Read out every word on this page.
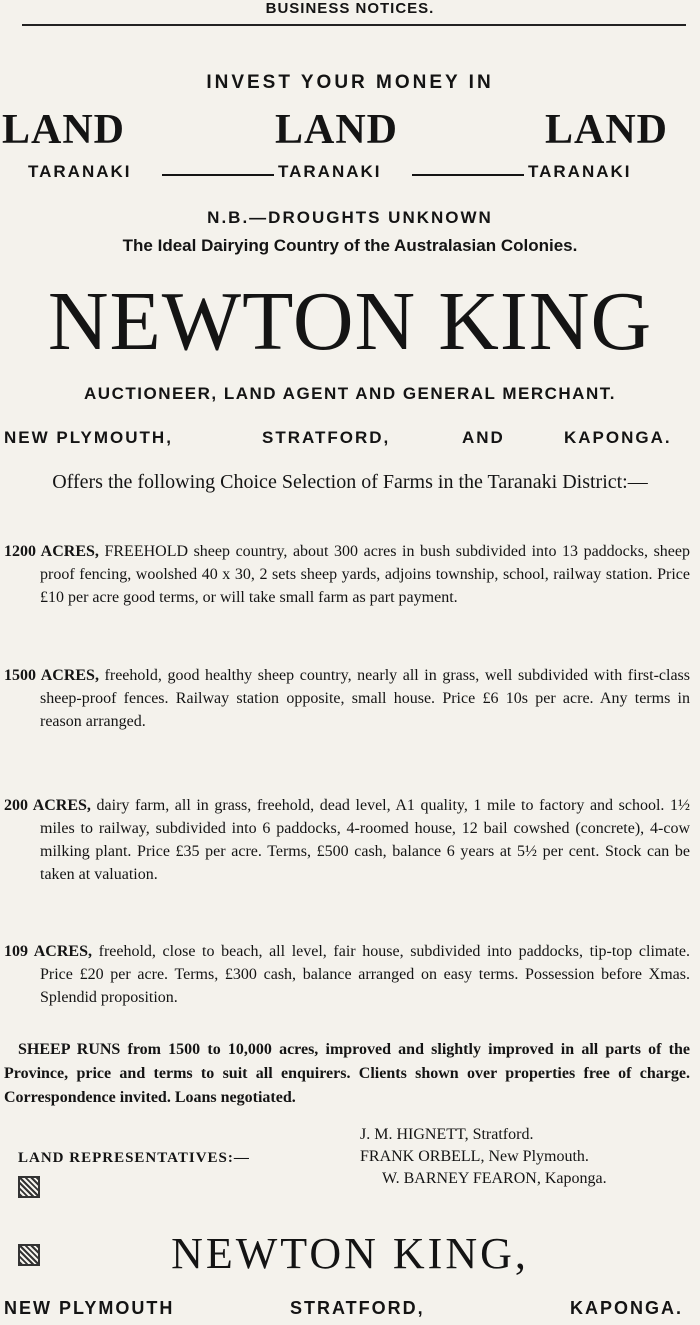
BUSINESS NOTICES.
INVEST YOUR MONEY IN
LAND	LAND	LAND
TARANAKI	TARANAKI	TARANAKI
N.B.—DROUGHTS UNKNOWN
The Ideal Dairying Country of the Australasian Colonies.
NEWTON KING
AUCTIONEER, LAND AGENT AND GENERAL MERCHANT.
NEW PLYMOUTH,	STRATFORD,	AND	KAPONGA.
Offers the following Choice Selection of Farms in the Taranaki District:—
1200 ACRES, FREEHOLD sheep country, about 300 acres in bush subdivided into 13 paddocks, sheep proof fencing, woolshed 40 x 30, 2 sets sheep yards, adjoins township, school, railway station. Price £10 per acre good terms, or will take small farm as part payment.
1500 ACRES, freehold, good healthy sheep country, nearly all in grass, well subdivided with first-class sheep-proof fences. Railway station opposite, small house. Price £6 10s per acre. Any terms in reason arranged.
200 ACRES, dairy farm, all in grass, freehold, dead level, A1 quality, 1 mile to factory and school. 1½ miles to railway, subdivided into 6 paddocks, 4-roomed house, 12 bail cowshed (concrete), 4-cow milking plant. Price £35 per acre. Terms, £500 cash, balance 6 years at 5½ per cent. Stock can be taken at valuation.
109 ACRES, freehold, close to beach, all level, fair house, subdivided into paddocks, tip-top climate. Price £20 per acre. Terms, £300 cash, balance arranged on easy terms. Possession before Xmas. Splendid proposition.
SHEEP RUNS from 1500 to 10,000 acres, improved and slightly improved in all parts of the Province, price and terms to suit all enquirers. Clients shown over properties free of charge. Correspondence invited. Loans negotiated.
LAND REPRESENTATIVES:—
J. M. HIGNETT, Stratford.
FRANK ORBELL, New Plymouth.
W. BARNEY FEARON, Kaponga.
NEWTON KING,
NEW PLYMOUTH	STRATFORD,	KAPONGA.
